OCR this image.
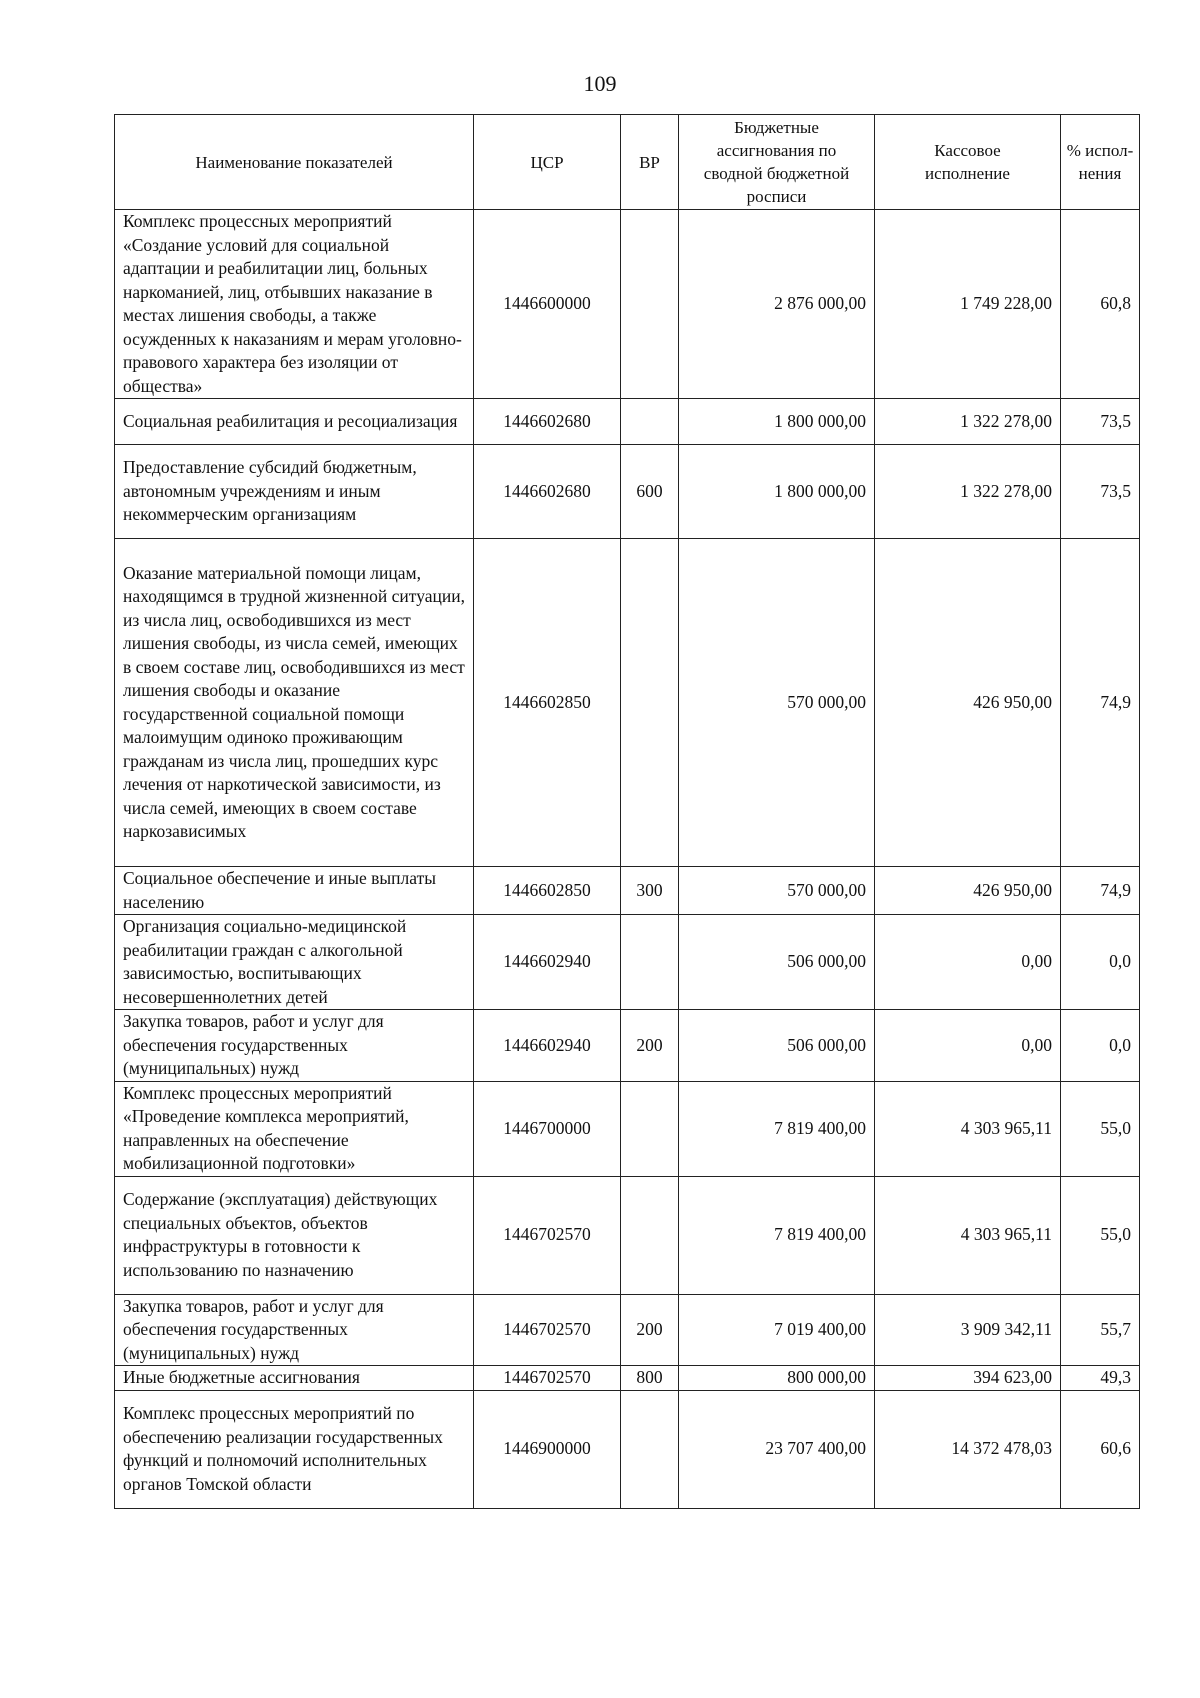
109
Наименование показателей	ЦСР	ВР	Бюджетные ассигнования по сводной бюджетной росписи	Кассовое исполнение	% испол-нения
Комплекс процессных мероприятий «Создание условий для социальной адаптации и реабилитации лиц, больных наркоманией, лиц, отбывших наказание в местах лишения свободы, а также осужденных к наказаниям и мерам уголовно-правового характера без изоляции от общества»	1446600000		2 876 000,00	1 749 228,00	60,8
Социальная реабилитация и ресоциализация	1446602680		1 800 000,00	1 322 278,00	73,5
Предоставление субсидий бюджетным, автономным учреждениям и иным некоммерческим организациям	1446602680	600	1 800 000,00	1 322 278,00	73,5
Оказание материальной помощи лицам, находящимся в трудной жизненной ситуации, из числа лиц, освободившихся из мест лишения свободы, из числа семей, имеющих в своем составе лиц, освободившихся из мест лишения свободы и оказание государственной социальной помощи малоимущим одиноко проживающим гражданам из числа лиц, прошедших курс лечения от наркотической зависимости, из числа семей, имеющих в своем составе наркозависимых	1446602850		570 000,00	426 950,00	74,9
Социальное обеспечение и иные выплаты населению	1446602850	300	570 000,00	426 950,00	74,9
Организация социально-медицинской реабилитации граждан с алкогольной зависимостью, воспитывающих несовершеннолетних детей	1446602940		506 000,00	0,00	0,0
Закупка товаров, работ и услуг для обеспечения государственных (муниципальных) нужд	1446602940	200	506 000,00	0,00	0,0
Комплекс процессных мероприятий «Проведение комплекса мероприятий, направленных на обеспечение мобилизационной подготовки»	1446700000		7 819 400,00	4 303 965,11	55,0
Содержание (эксплуатация) действующих специальных объектов, объектов инфраструктуры в готовности к использованию по назначению	1446702570		7 819 400,00	4 303 965,11	55,0
Закупка товаров, работ и услуг для обеспечения государственных (муниципальных) нужд	1446702570	200	7 019 400,00	3 909 342,11	55,7
Иные бюджетные ассигнования	1446702570	800	800 000,00	394 623,00	49,3
Комплекс процессных мероприятий по обеспечению реализации государственных функций и полномочий исполнительных органов Томской области	1446900000		23 707 400,00	14 372 478,03	60,6
